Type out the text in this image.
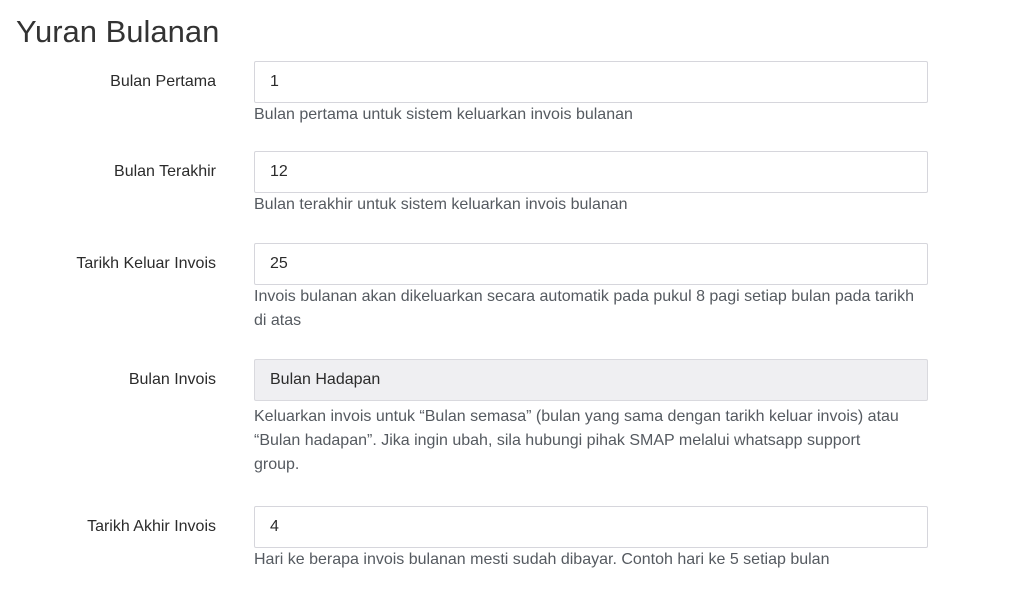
Yuran Bulanan
Bulan Pertama
1

Bulan pertama untuk sistem keluarkan invois bulanan

Bulan Terakhir
12

Bulan terakhir untuk sistem keluarkan invois bulanan

Tarikh Keluar Invois
25

Invois bulanan akan dikeluarkan secara automatik pada pukul 8 pagi setiap bulan pada tarikh di atas

Bulan Invois	Bulan Hadapan

Keluarkan invois untuk “Bulan semasa” (bulan yang sama dengan tarikh keluar invois) atau “Bulan hadapan”. Jika ingin ubah, sila hubungi pihak SMAP melalui whatsapp support group.

Tarikh Akhir Invois
4

Hari ke berapa invois bulanan mesti sudah dibayar. Contoh hari ke 5 setiap bulan
